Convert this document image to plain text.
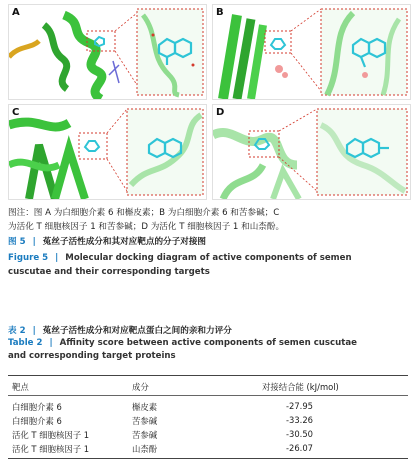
A	B
C	D
图注：图 A 为白细胞介素 6 和槲皮素；B 为白细胞介素 6 和苦参碱；C
为活化 T 细胞核因子 1 和苦参碱；D 为活化 T 细胞核因子 1 和山柰酚。
图 5 | 菟丝子活性成分和其对应靶点的分子对接图
Figure 5 | Molecular docking diagram of active components of semen
cuscutae and their corresponding targets
表 2 | 菟丝子活性成分和对应靶点蛋白之间的亲和力评分
Table 2 | Affinity score between active components of semen cuscutae
and corresponding target proteins
靶点	成分	对接结合能 (kJ/mol)
白细胞介素 6	槲皮素	-27.95
白细胞介素 6	苦参碱	-33.26
活化 T 细胞核因子 1	苦参碱	-30.50
活化 T 细胞核因子 1	山柰酚	-26.07
